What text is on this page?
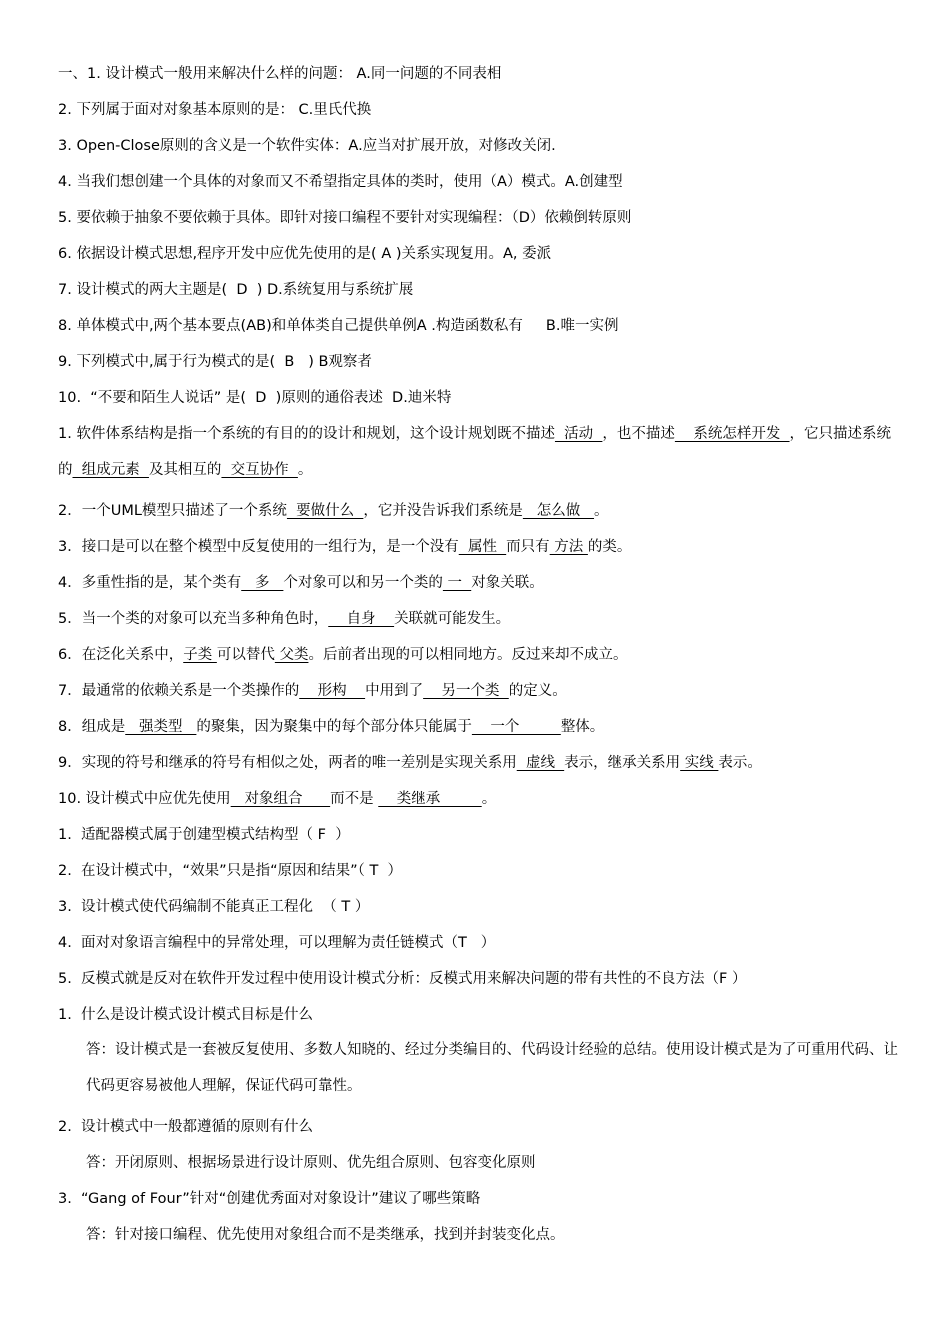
一、1. 设计模式一般用来解决什么样的问题： A.同一问题的不同表相
2. 下列属于面对对象基本原则的是： C.里氏代换
3. Open-Close原则的含义是一个软件实体：A.应当对扩展开放，对修改关闭.
4. 当我们想创建一个具体的对象而又不希望指定具体的类时，使用（A）模式。A.创建型
5. 要依赖于抽象不要依赖于具体。即针对接口编程不要针对实现编程：（D）依赖倒转原则
6. 依据设计模式思想,程序开发中应优先使用的是( A )关系实现复用。A, 委派
7. 设计模式的两大主题是(  D  ) D.系统复用与系统扩展
8. 单体模式中,两个基本要点(AB)和单体类自己提供单例A .构造函数私有     B.唯一实例
9. 下列模式中,属于行为模式的是(  B   ) B观察者
10.  “不要和陌生人说话” 是(  D  )原则的通俗表述  D.迪米特
1. 软件体系结构是指一个系统的有目的的设计和规划，这个设计规划既不描述  活动  ，也不描述    系统怎样开发  ，它只描述系统的  组成元素  及其相互的  交互协作  。
2．一个UML模型只描述了一个系统  要做什么  ，它并没告诉我们系统是   怎么做   。
3．接口是可以在整个模型中反复使用的一组行为，是一个没有  属性  而只有 方法 的类。
4．多重性指的是，某个类有   多   个对象可以和另一个类的 一  对象关联。
5．当一个类的对象可以充当多种角色时，    自身    关联就可能发生。
6．在泛化关系中，子类 可以替代 父类。后前者出现的可以相同地方。反过来却不成立。
7．最通常的依赖关系是一个类操作的    形构    中用到了    另一个类  的定义。
8．组成是   强类型   的聚集，因为聚集中的每个部分体只能属于    一个         整体。
9．实现的符号和继承的符号有相似之处，两者的唯一差别是实现关系用  虚线  表示，继承关系用 实线 表示。
10. 设计模式中应优先使用   对象组合      而不是     类继承         。
1.  适配器模式属于创建型模式结构型（ F  ）
2.  在设计模式中，“效果”只是指“原因和结果”（ T  ）
3.  设计模式使代码编制不能真正工程化  （ T ）
4.  面对对象语言编程中的异常处理，可以理解为责任链模式（T   ）
5.  反模式就是反对在软件开发过程中使用设计模式分析：反模式用来解决问题的带有共性的不良方法（F ）
1.  什么是设计模式设计模式目标是什么
答：设计模式是一套被反复使用、多数人知晓的、经过分类编目的、代码设计经验的总结。使用设计模式是为了可重用代码、让代码更容易被他人理解，保证代码可靠性。
2.  设计模式中一般都遵循的原则有什么
答：开闭原则、根据场景进行设计原则、优先组合原则、包容变化原则
3.  “Gang of Four”针对“创建优秀面对对象设计”建议了哪些策略
答：针对接口编程、优先使用对象组合而不是类继承，找到并封装变化点。
